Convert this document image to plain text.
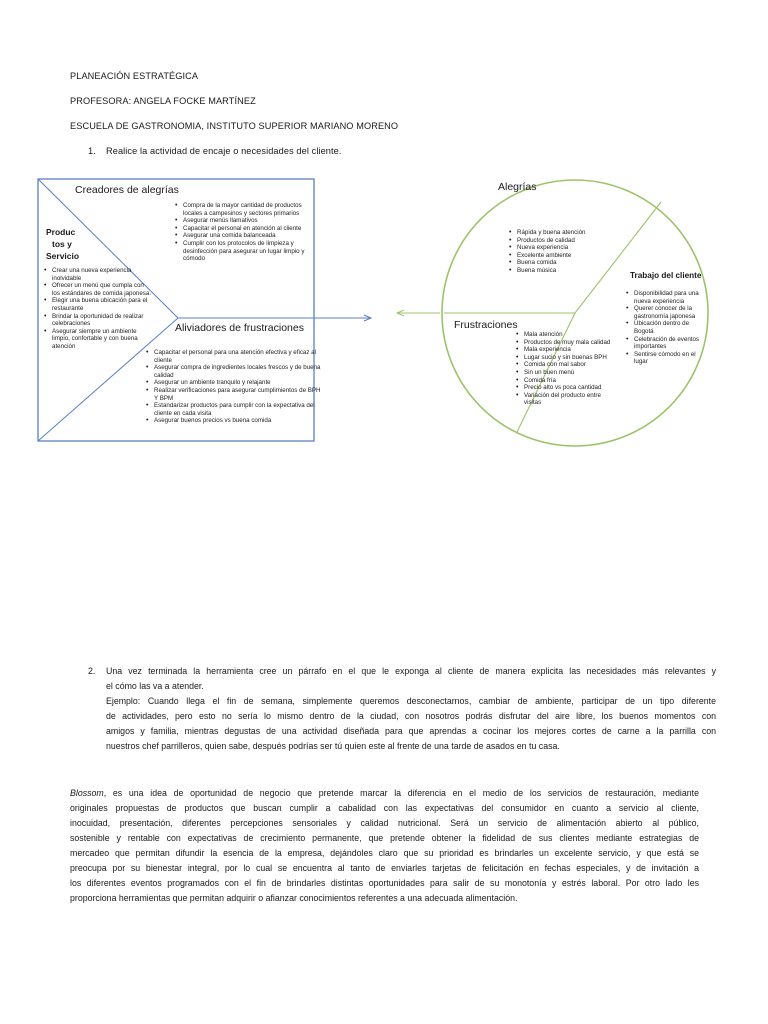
PLANEACIÓN ESTRATÉGICA
PROFESORA: ANGELA FOCKE MARTÍNEZ
ESCUELA DE GASTRONOMIA, INSTITUTO SUPERIOR MARIANO MORENO
1. Realice la actividad de encaje o necesidades del cliente.
Creadores de alegrías
• Compra de la mayor cantidad de productos locales a campesinos y sectores primarios
• Asegurar menús llamativos
• Capacitar el personal en atención al cliente
• Asegurar una comida balanceada
• Cumplir con los protocolos de limpieza y desinfección para asegurar un lugar limpio y cómodo
Produc
tos y
Servicio
• Crear una nueva experiencia inolvidable
• Ofrecer un menú que cumpla con los estándares de comida japonesa.
• Elegir una buena ubicación para el restaurante
• Brindar la oportunidad de realizar celebraciones
• Asegurar siempre un ambiente limpio, confortable y con buena atención
Aliviadores de frustraciones
• Capacitar el personal para una atención efectiva y eficaz al cliente
• Asegurar compra de ingredientes locales frescos y de buena calidad
• Asegurar un ambiente tranquilo y relajante
• Realizar verificaciones para asegurar cumplimientos de BPH Y BPM
• Estandarizar productos para cumplir con la expectativa del cliente en cada visita
• Asegurar buenos precios vs buena comida
Alegrías
• Rápida y buena atención
• Productos de calidad
• Nueva experiencia
• Excelente ambiente
• Buena comida
• Buena música
Trabajo del cliente
• Disponibilidad para una nueva experiencia
• Querer conocer de la gastronomía japonesa
• Ubicación dentro de Bogotá
• Celebración de eventos importantes
• Sentirse cómodo en el lugar
Frustraciones
• Mala atención
• Productos de muy mala calidad
• Mala experiencia
• Lugar sucio y sin buenas BPH
• Comida con mal sabor
• Sin un buen menú
• Comida fría
• Precio alto vs poca cantidad
• Variación del producto entre visitas
2. Una vez terminada la herramienta cree un párrafo en el que le exponga al cliente de manera explicita las necesidades más relevantes y
el cómo las va a atender.
Ejemplo: Cuando llega el fin de semana, simplemente queremos desconectarnos, cambiar de ambiente, participar de un tipo diferente
de actividades, pero esto no sería lo mismo dentro de la ciudad, con nosotros podrás disfrutar del aire libre, los buenos momentos con
amigos y familia, mientras degustas de una actividad diseñada para que aprendas a cocinar los mejores cortes de carne a la parrilla con
nuestros chef parrilleros, quien sabe, después podrías ser tú quien este al frente de una tarde de asados en tu casa.
Blossom, es una idea de oportunidad de negocio que pretende marcar la diferencia en el medio de los servicios de restauración, mediante
originales propuestas de productos que buscan cumplir a cabalidad con las expectativas del consumidor en cuanto a servicio al cliente,
inocuidad, presentación, diferentes percepciones sensoriales y calidad nutricional. Será un servicio de alimentación abierto al público,
sostenible y rentable con expectativas de crecimiento permanente, que pretende obtener la fidelidad de sus clientes mediante estrategias de
mercadeo que permitan difundir la esencia de la empresa, dejándoles claro que su prioridad es brindarles un excelente servicio, y que está se
preocupa por su bienestar integral, por lo cual se encuentra al tanto de enviarles tarjetas de felicitación en fechas especiales, y de invitación a
los diferentes eventos programados con el fin de brindarles distintas oportunidades para salir de su monotonía y estrés laboral. Por otro lado les
proporciona herramientas que permitan adquirir o afianzar conocimientos referentes a una adecuada alimentación.
